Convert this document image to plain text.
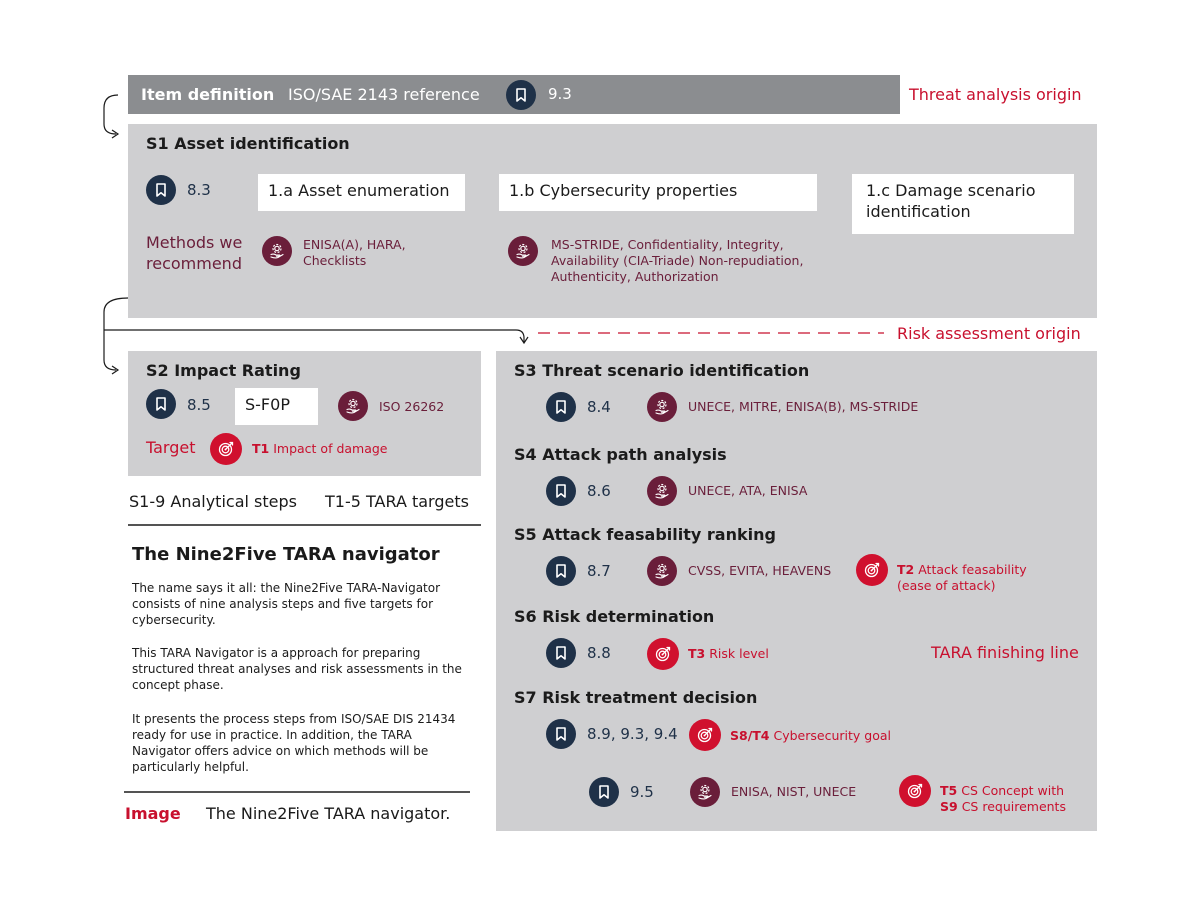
Item definition ISO/SAE 2143 reference	9.3	Threat analysis origin
S1 Asset identification
8.3	1.a Asset enumeration	1.b Cybersecurity properties	1.c Damage scenario identification
Methods we recommend
ENISA(A), HARA, Checklists
MS-STRIDE, Confidentiality, Integrity, Availability (CIA-Triade) Non-repudiation, Authenticity, Authorization
Risk assessment origin
S2 Impact Rating
8.5	S-F0P	ISO 26262
Target	T1 Impact of damage
S1-9 Analytical steps T1-5 TARA targets
The Nine2Five TARA navigator
The name says it all: the Nine2Five TARA-Navigator consists of nine analysis steps and five targets for cybersecurity.
This TARA Navigator is a approach for preparing structured threat analyses and risk assessments in the concept phase.
It presents the process steps from ISO/SAE DIS 21434 ready for use in practice. In addition, the TARA Navigator offers advice on which methods will be particularly helpful.
Image The Nine2Five TARA navigator.
S3 Threat scenario identification
8.4	UNECE, MITRE, ENISA(B), MS-STRIDE
S4 Attack path analysis
8.6	UNECE, ATA, ENISA
S5 Attack feasability ranking
8.7	CVSS, EVITA, HEAVENS	T2 Attack feasability
(ease of attack)
S6 Risk determination
8.8	T3 Risk level	TARA finishing line
S7 Risk treatment decision
8.9, 9.3, 9.4	S8/T4 Cybersecurity goal
9.5	ENISA, NIST, UNECE	T5 CS Concept with
S9 CS requirements
